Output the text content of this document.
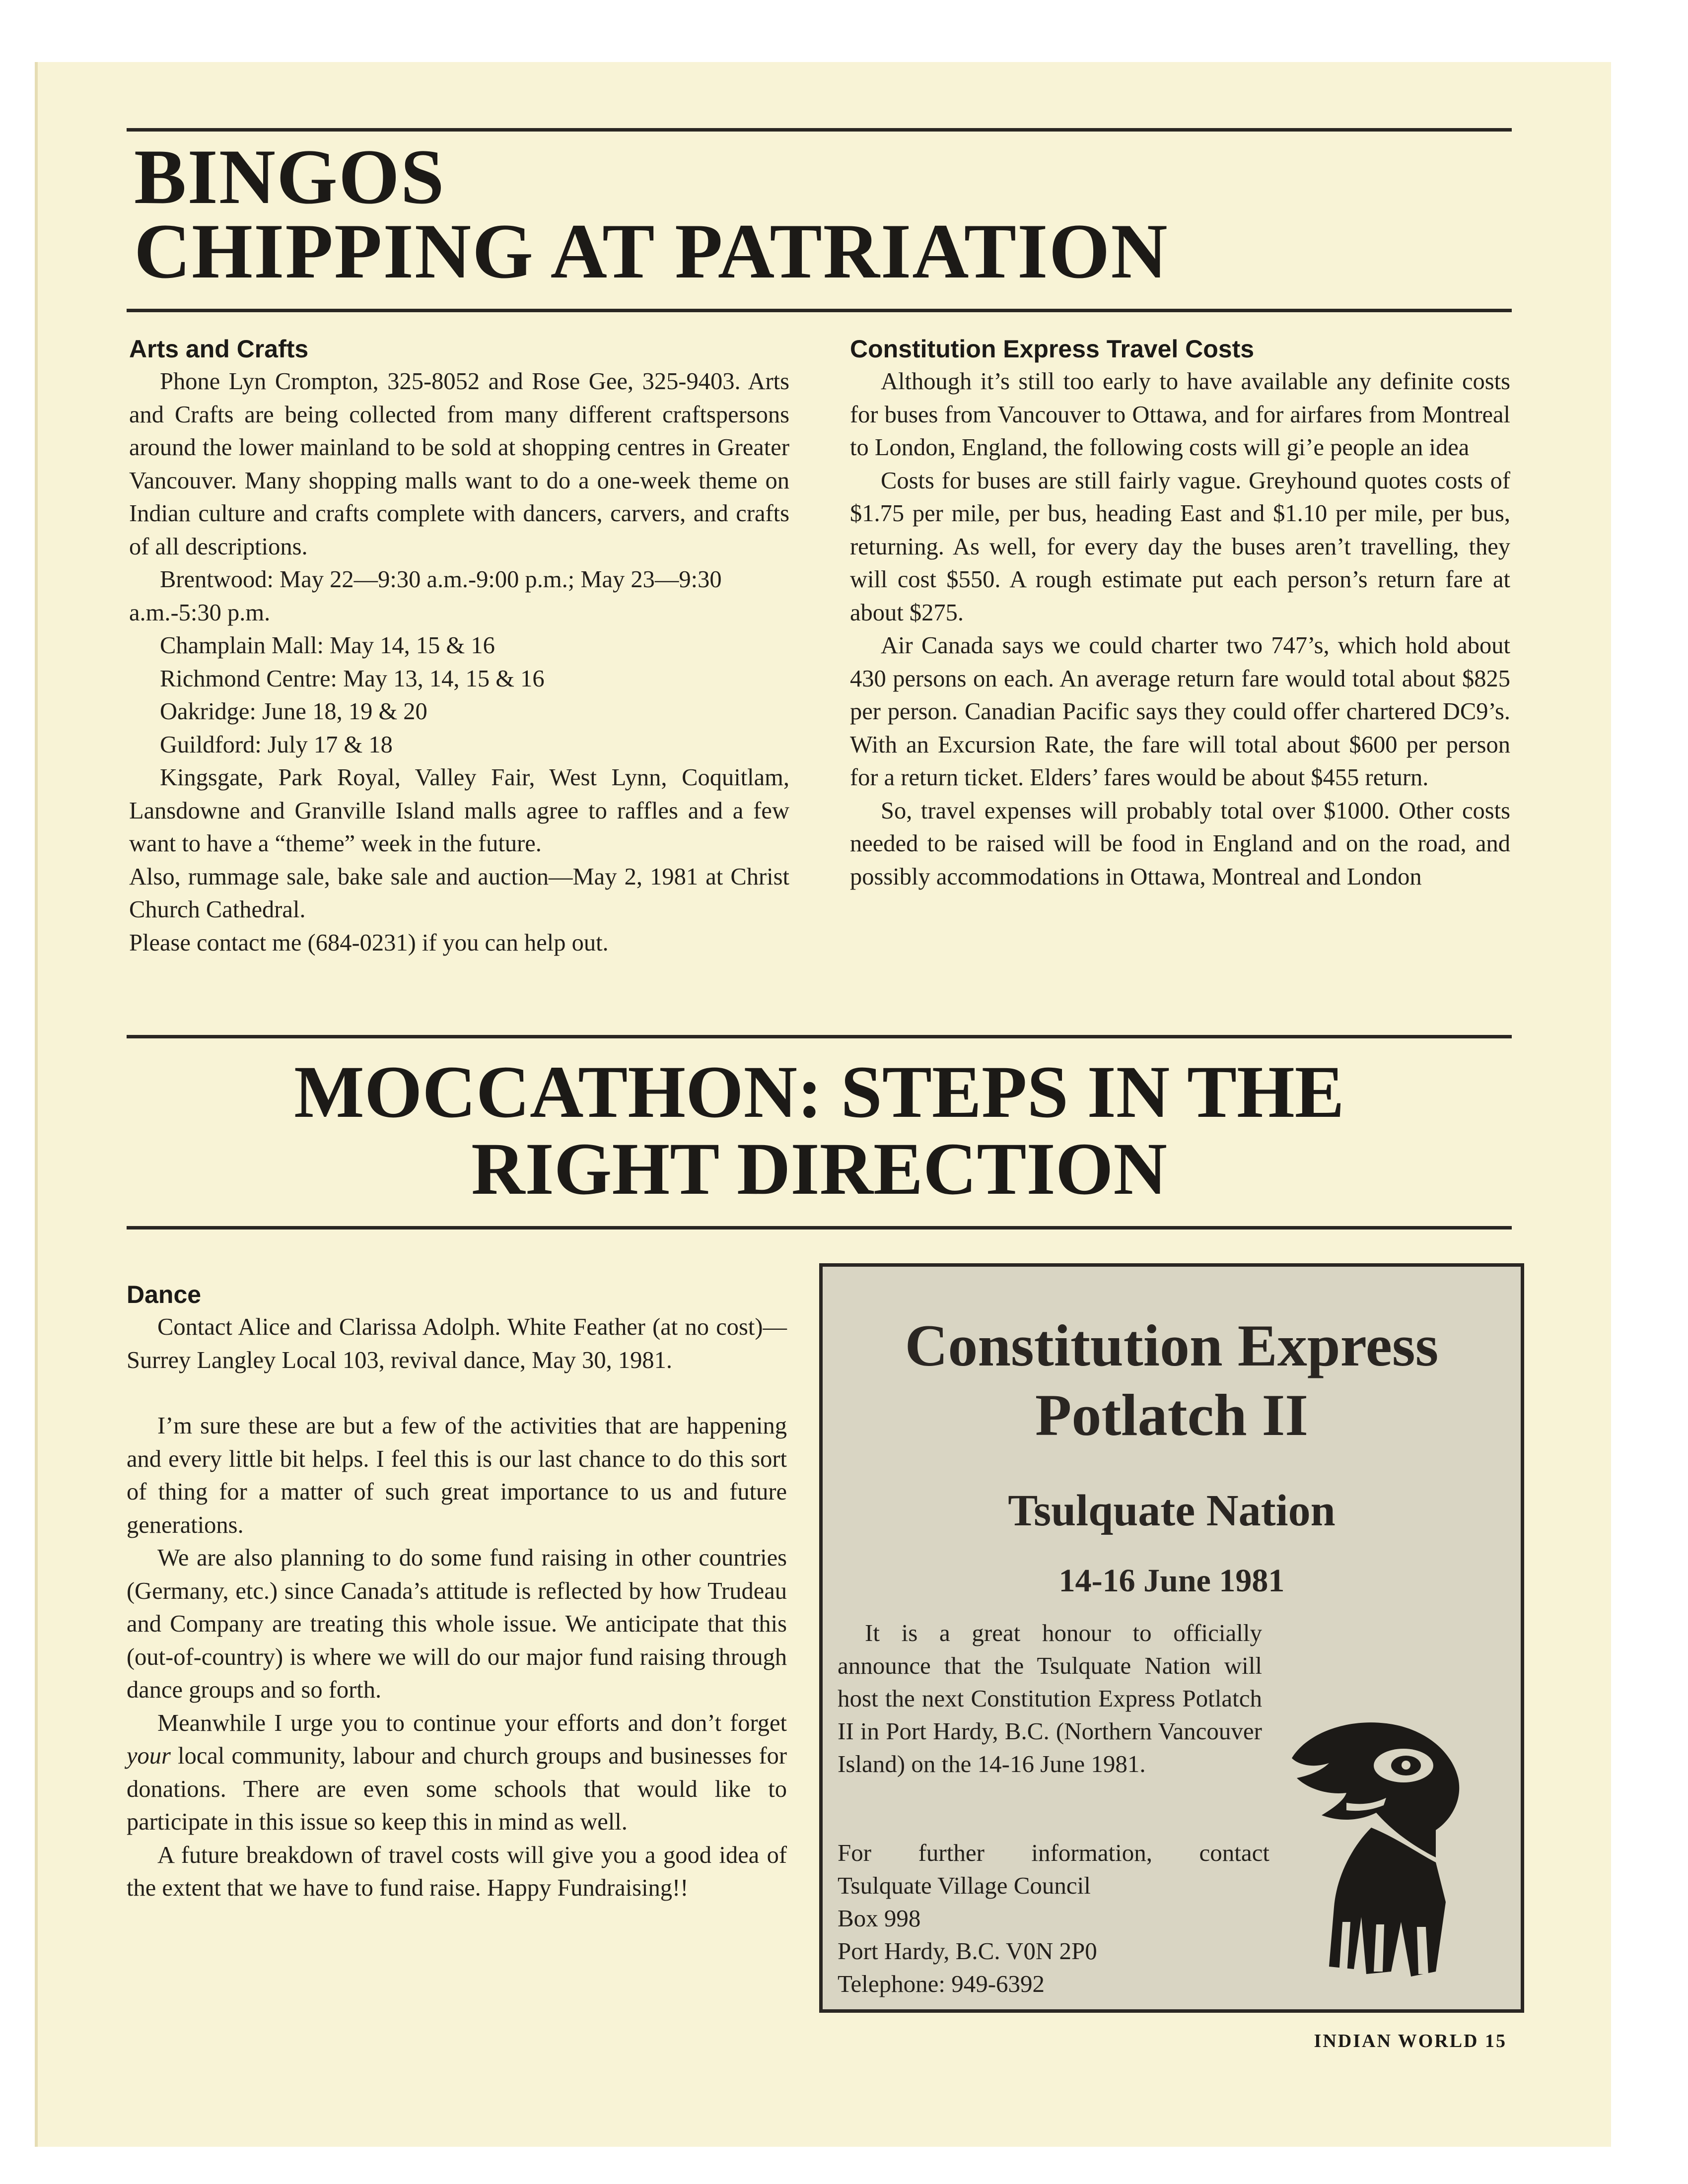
BINGOS
CHIPPING AT PATRIATION
Arts and Crafts

Phone Lyn Crompton, 325-8052 and Rose Gee, 325-9403. Arts and Crafts are being collected from many different craftspersons around the lower mainland to be sold at shopping centres in Greater Vancouver. Many shopping malls want to do a one-week theme on Indian culture and crafts complete with dancers, carvers, and crafts of all descriptions.

Brentwood: May 22—9:30 a.m.-9:00 p.m.; May 23—9:30 a.m.-5:30 p.m.

Champlain Mall: May 14, 15 & 16

Richmond Centre: May 13, 14, 15 & 16

Oakridge: June 18, 19 & 20

Guildford: July 17 & 18

Kingsgate, Park Royal, Valley Fair, West Lynn, Coquitlam, Lansdowne and Granville Island malls agree to raffles and a few want to have a “theme” week in the future.

Also, rummage sale, bake sale and auction—May 2, 1981 at Christ Church Cathedral.

Please contact me (684-0231) if you can help out.

Constitution Express Travel Costs

Although it’s still too early to have available any definite costs for buses from Vancouver to Ottawa, and for airfares from Montreal to London, England, the following costs will gi’e people an idea

Costs for buses are still fairly vague. Greyhound quotes costs of $1.75 per mile, per bus, heading East and $1.10 per mile, per bus, returning. As well, for every day the buses aren’t travelling, they will cost $550. A rough estimate put each person’s return fare at about $275.

Air Canada says we could charter two 747’s, which hold about 430 persons on each. An average return fare would total about $825 per person. Canadian Pacific says they could offer chartered DC9’s. With an Excursion Rate, the fare will total about $600 per person for a return ticket. Elders’ fares would be about $455 return.

So, travel expenses will probably total over $1000. Other costs needed to be raised will be food in England and on the road, and possibly accommodations in Ottawa, Montreal and London

MOCCATHON: STEPS IN THE
RIGHT DIRECTION
Dance

Contact Alice and Clarissa Adolph. White Feather (at no cost)—Surrey Langley Local 103, revival dance, May 30, 1981.

I’m sure these are but a few of the activities that are happening and every little bit helps. I feel this is our last chance to do this sort of thing for a matter of such great importance to us and future generations.

We are also planning to do some fund raising in other countries (Germany, etc.) since Canada’s attitude is reflected by how Trudeau and Company are treating this whole issue. We anticipate that this (out-of-country) is where we will do our major fund raising through dance groups and so forth.

Meanwhile I urge you to continue your efforts and don’t forget your local community, labour and church groups and businesses for donations. There are even some schools that would like to participate in this issue so keep this in mind as well.

A future breakdown of travel costs will give you a good idea of the extent that we have to fund raise. Happy Fundraising!!

Constitution Express
Potlatch II
Tsulquate Nation
14-16 June 1981

It is a great honour to officially announce that the Tsulquate Nation will host the next Constitution Express Potlatch II in Port Hardy, B.C. (Northern Vancouver Island) on the 14-16 June 1981.

For further information, contact
Tsulquate Village Council
Box 998
Port Hardy, B.C. V0N 2P0
Telephone: 949-6392

INDIAN WORLD 15
